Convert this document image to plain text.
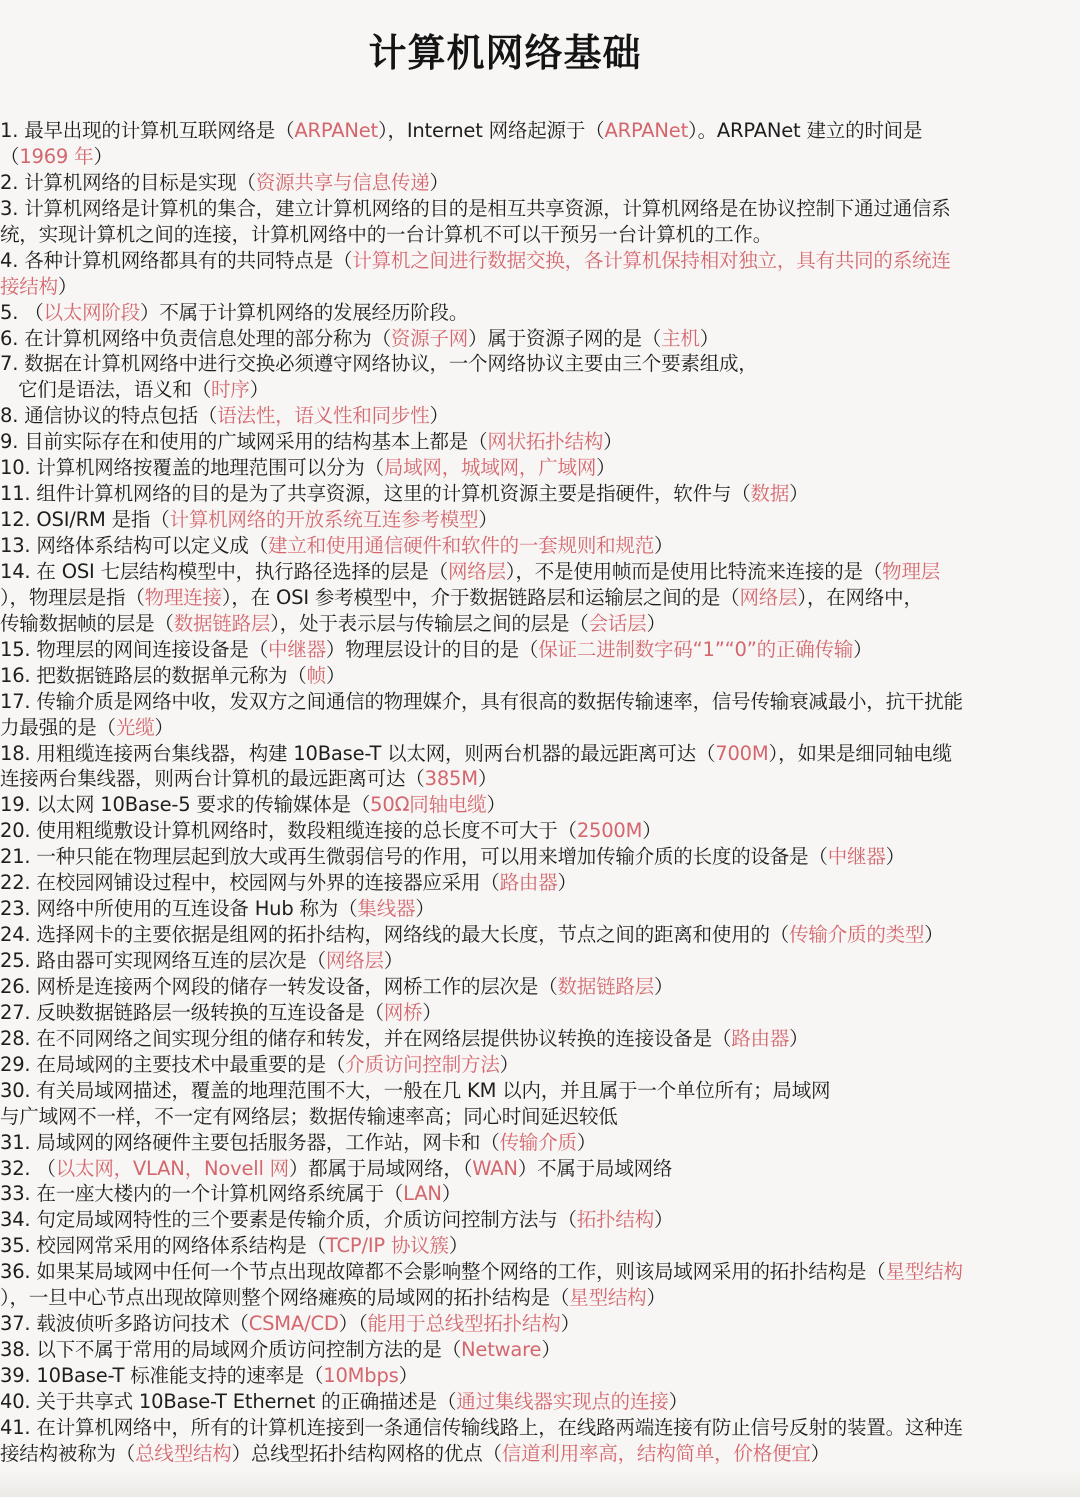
计算机网络基础
1. 最早出现的计算机互联网络是（ARPANet），Internet 网络起源于（ARPANet）。ARPANet 建立的时间是
（1969 年）
2. 计算机网络的目标是实现（资源共享与信息传递）
3. 计算机网络是计算机的集合，建立计算机网络的目的是相互共享资源，计算机网络是在协议控制下通过通信系
统，实现计算机之间的连接，计算机网络中的一台计算机不可以干预另一台计算机的工作。
4. 各种计算机网络都具有的共同特点是（计算机之间进行数据交换，各计算机保持相对独立，具有共同的系统连
接结构）
5. （以太网阶段）不属于计算机网络的发展经历阶段。
6. 在计算机网络中负责信息处理的部分称为（资源子网）属于资源子网的是（主机）
7. 数据在计算机网络中进行交换必须遵守网络协议，一个网络协议主要由三个要素组成，
它们是语法，语义和（时序）
8. 通信协议的特点包括（语法性，语义性和同步性）
9. 目前实际存在和使用的广域网采用的结构基本上都是（网状拓扑结构）
10. 计算机网络按覆盖的地理范围可以分为（局域网，城域网，广域网）
11. 组件计算机网络的目的是为了共享资源，这里的计算机资源主要是指硬件，软件与（数据）
12. OSI/RM 是指（计算机网络的开放系统互连参考模型）
13. 网络体系结构可以定义成（建立和使用通信硬件和软件的一套规则和规范）
14. 在 OSI 七层结构模型中，执行路径选择的层是（网络层），不是使用帧而是使用比特流来连接的是（物理层
），物理层是指（物理连接），在 OSI 参考模型中，介于数据链路层和运输层之间的是（网络层），在网络中，
传输数据帧的层是（数据链路层），处于表示层与传输层之间的层是（会话层）
15. 物理层的网间连接设备是（中继器）物理层设计的目的是（保证二进制数字码“1”“0”的正确传输）
16. 把数据链路层的数据单元称为（帧）
17. 传输介质是网络中收，发双方之间通信的物理媒介，具有很高的数据传输速率，信号传输衰减最小，抗干扰能
力最强的是（光缆）
18. 用粗缆连接两台集线器，构建 10Base-T 以太网，则两台机器的最远距离可达（700M），如果是细同轴电缆
连接两台集线器，则两台计算机的最远距离可达（385M）
19. 以太网 10Base-5 要求的传输媒体是（50Ω同轴电缆）
20. 使用粗缆敷设计算机网络时，数段粗缆连接的总长度不可大于（2500M）
21. 一种只能在物理层起到放大或再生微弱信号的作用，可以用来增加传输介质的长度的设备是（中继器）
22. 在校园网铺设过程中，校园网与外界的连接器应采用（路由器）
23. 网络中所使用的互连设备 Hub 称为（集线器）
24. 选择网卡的主要依据是组网的拓扑结构，网络线的最大长度，节点之间的距离和使用的（传输介质的类型）
25. 路由器可实现网络互连的层次是（网络层）
26. 网桥是连接两个网段的储存一转发设备，网桥工作的层次是（数据链路层）
27. 反映数据链路层一级转换的互连设备是（网桥）
28. 在不同网络之间实现分组的储存和转发，并在网络层提供协议转换的连接设备是（路由器）
29. 在局域网的主要技术中最重要的是（介质访问控制方法）
30. 有关局域网描述，覆盖的地理范围不大，一般在几 KM 以内，并且属于一个单位所有；局域网
与广域网不一样，不一定有网络层；数据传输速率高；同心时间延迟较低
31. 局域网的网络硬件主要包括服务器，工作站，网卡和（传输介质）
32. （以太网，VLAN，Novell 网）都属于局域网络，（WAN）不属于局域网络
33. 在一座大楼内的一个计算机网络系统属于（LAN）
34. 句定局域网特性的三个要素是传输介质，介质访问控制方法与（拓扑结构）
35. 校园网常采用的网络体系结构是（TCP/IP 协议簇）
36. 如果某局域网中任何一个节点出现故障都不会影响整个网络的工作，则该局域网采用的拓扑结构是（星型结构
），一旦中心节点出现故障则整个网络瘫痪的局域网的拓扑结构是（星型结构）
37. 载波侦听多路访问技术（CSMA/CD）（能用于总线型拓扑结构）
38. 以下不属于常用的局域网介质访问控制方法的是（Netware）
39. 10Base-T 标准能支持的速率是（10Mbps）
40. 关于共享式 10Base-T Ethernet 的正确描述是（通过集线器实现点的连接）
41. 在计算机网络中，所有的计算机连接到一条通信传输线路上，在线路两端连接有防止信号反射的装置。这种连
接结构被称为（总线型结构）总线型拓扑结构网格的优点（信道利用率高，结构简单，价格便宜）
